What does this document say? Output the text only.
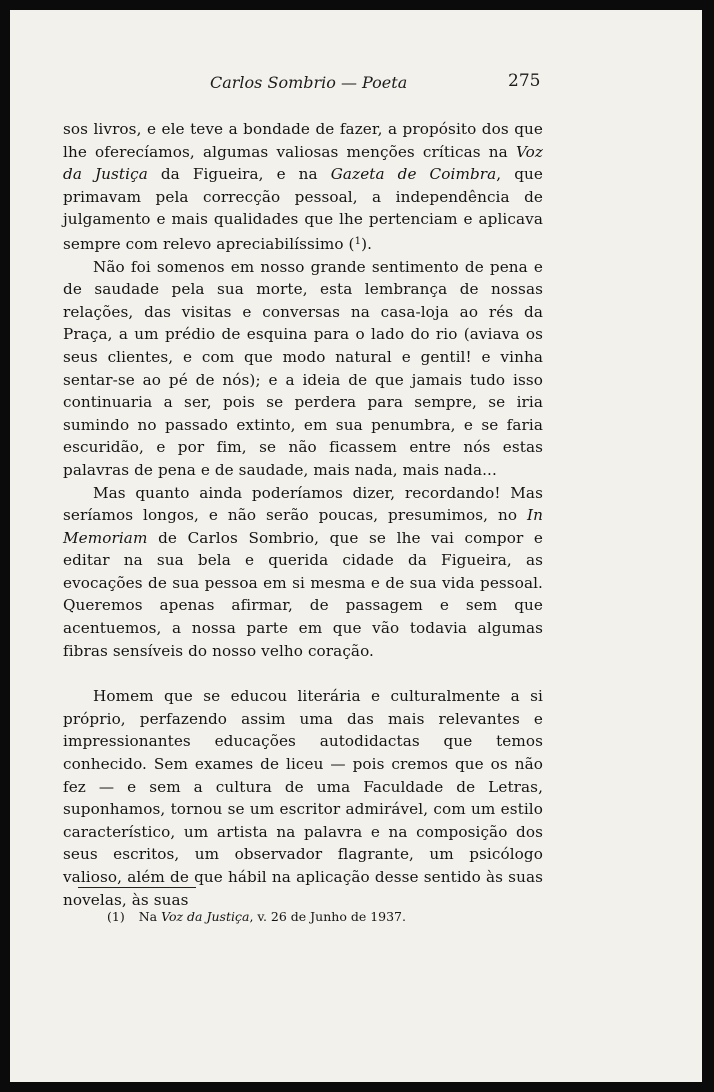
Carlos Sombrio — Poeta	275

sos livros, e ele teve a bondade de fazer, a propósito dos que lhe oferecíamos, algumas valiosas menções críticas na Voz da Justiça da Figueira, e na Gazeta de Coimbra, que primavam pela correcção pessoal, a independência de julgamento e mais qualidades que lhe pertenciam e aplicava sempre com relevo apreciabilíssimo ($^1$).

Não foi somenos em nosso grande sentimento de pena e de saudade pela sua morte, esta lembrança de nossas relações, das visitas e conversas na casa-loja ao rés da Praça, a um prédio de esquina para o lado do rio (aviava os seus clientes, e com que modo natural e gentil! e vinha sentar-se ao pé de nós); e a ideia de que jamais tudo isso continuaria a ser, pois se perdera para sempre, se iria sumindo no passado extinto, em sua penumbra, e se faria escuridão, e por fim, se não ficassem entre nós estas palavras de pena e de saudade, mais nada, mais nada...

Mas quanto ainda poderíamos dizer, recordando! Mas seríamos longos, e não serão poucas, presumimos, no In Memoriam de Carlos Sombrio, que se lhe vai compor e editar na sua bela e querida cidade da Figueira, as evocações de sua pessoa em si mesma e de sua vida pessoal. Queremos apenas afirmar, de passagem e sem que acentuemos, a nossa parte em que vão todavia algumas fibras sensíveis do nosso velho coração.

Homem que se educou literária e culturalmente a si próprio, perfazendo assim uma das mais relevantes e impressionantes educações autodidactas que temos conhecido. Sem exames de liceu — pois cremos que os não fez — e sem a cultura de uma Faculdade de Letras, suponhamos, tornou se um escritor admirável, com um estilo característico, um artista na palavra e na composição dos seus escritos, um observador flagrante, um psicólogo valioso, além de que hábil na aplicação desse sentido às suas novelas, às suas

(1) Na Voz da Justiça, v. 26 de Junho de 1937.
